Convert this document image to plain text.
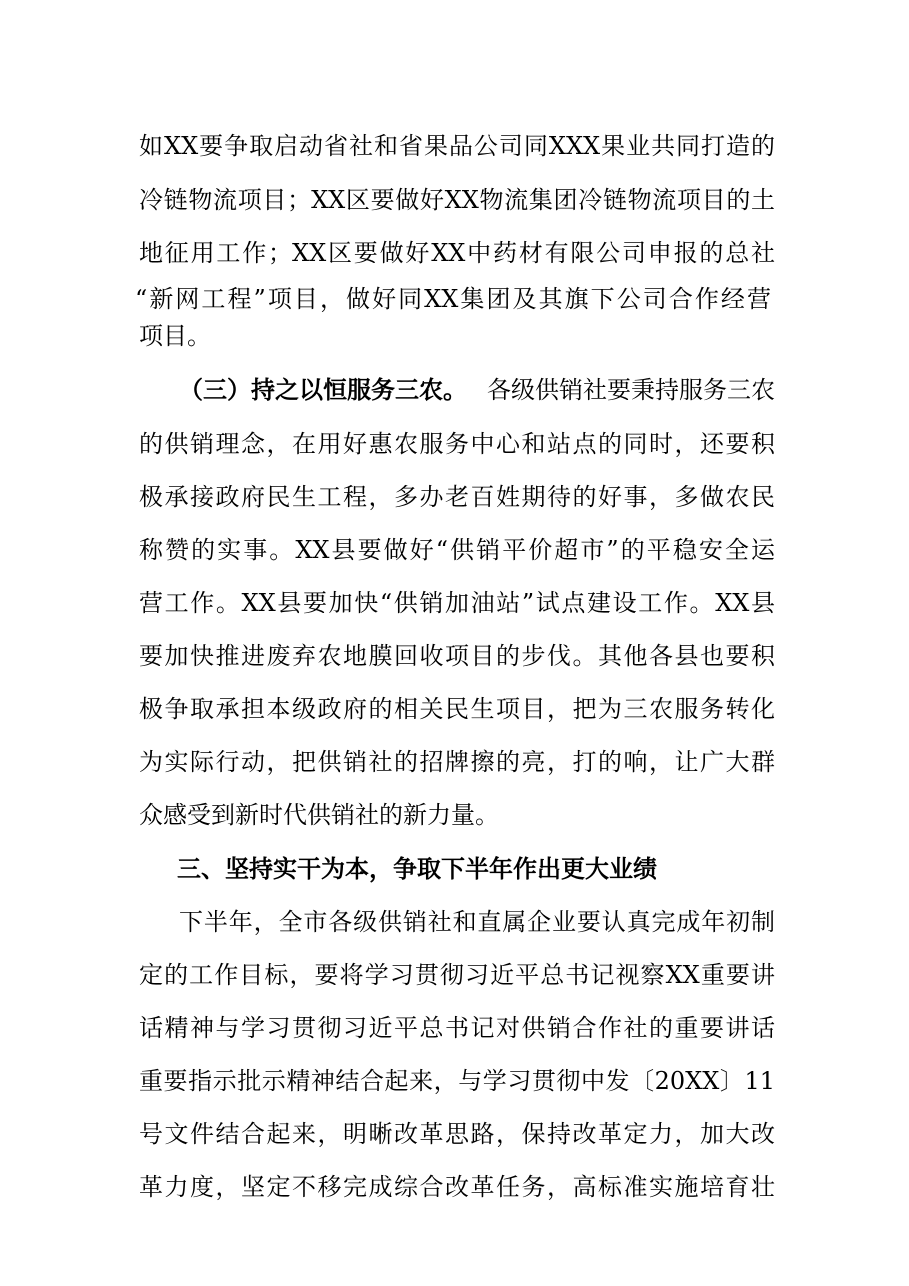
如XX要争取启动省社和省果品公司同XXX果业共同打造的
冷链物流项目；XX区要做好XX物流集团冷链物流项目的土
地征用工作；XX区要做好XX中药材有限公司申报的总社
“新网工程”项目，做好同XX集团及其旗下公司合作经营
项目。
（三）持之以恒服务三农。 各级供销社要秉持服务三农
的供销理念，在用好惠农服务中心和站点的同时，还要积
极承接政府民生工程，多办老百姓期待的好事，多做农民
称赞的实事。XX县要做好“供销平价超市”的平稳安全运
营工作。XX县要加快“供销加油站”试点建设工作。XX县
要加快推进废弃农地膜回收项目的步伐。其他各县也要积
极争取承担本级政府的相关民生项目，把为三农服务转化
为实际行动，把供销社的招牌擦的亮，打的响，让广大群
众感受到新时代供销社的新力量。
三、坚持实干为本，争取下半年作出更大业绩
下半年，全市各级供销社和直属企业要认真完成年初制
定的工作目标，要将学习贯彻习近平总书记视察XX重要讲
话精神与学习贯彻习近平总书记对供销合作社的重要讲话
重要指示批示精神结合起来，与学习贯彻中发〔20XX〕11
号文件结合起来，明晰改革思路，保持改革定力，加大改
革力度，坚定不移完成综合改革任务，高标准实施培育壮
